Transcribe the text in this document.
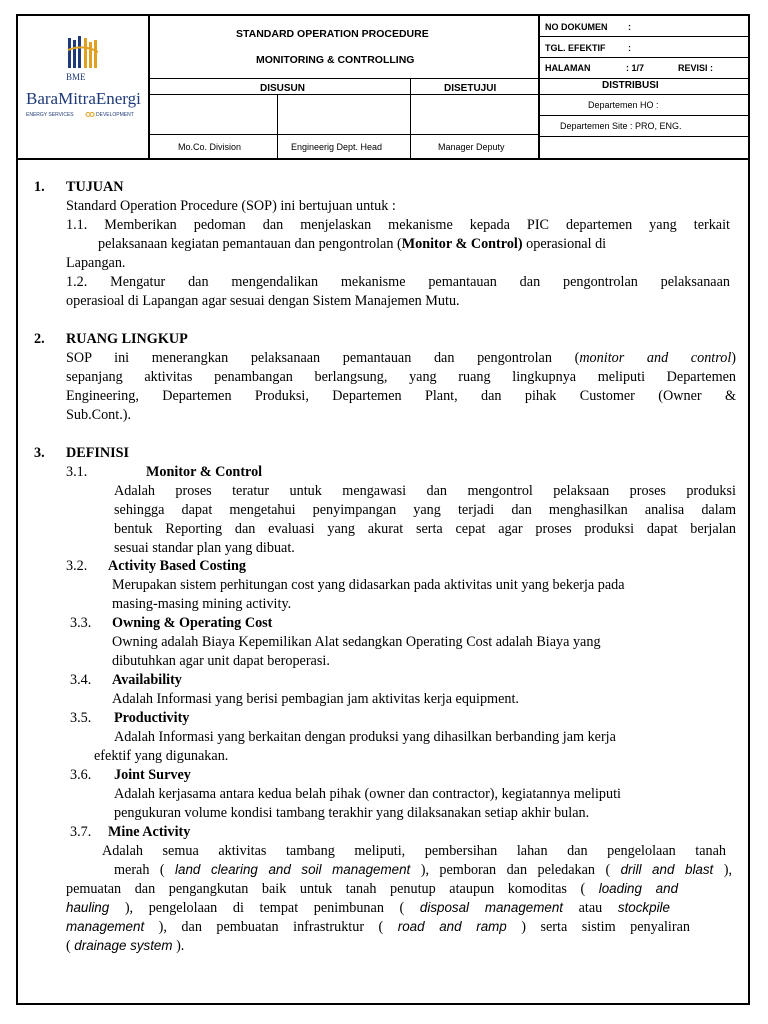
BME
BaraMitraEnergi
ENERGY SERVICES	DEVELOPMENT
STANDARD OPERATION PROCEDURE
MONITORING & CONTROLLING
NO DOKUMEN :
TGL. EFEKTIF	:
HALAMAN	: 1/7	REVISI :
DISUSUN	DISETUJUI	DISTRIBUSI
Departemen HO :
Departemen Site : PRO, ENG.
Mo.Co. Division	Engineerig Dept. Head	Manager Deputy
1. TUJUAN
Standard Operation Procedure (SOP) ini bertujuan untuk :
1.1. Memberikan pedoman dan menjelaskan mekanisme kepada PIC departemen yang terkait
pelaksanaan kegiatan pemantauan dan pengontrolan (Monitor & Control) operasional di
Lapangan.
1.2. Mengatur dan mengendalikan mekanisme pemantauan dan pengontrolan pelaksanaan
operasioal di Lapangan agar sesuai dengan Sistem Manajemen Mutu.
2. RUANG LINGKUP
SOP ini menerangkan pelaksanaan pemantauan dan pengontrolan (monitor and control)
sepanjang aktivitas penambangan berlangsung, yang ruang lingkupnya meliputi Departemen
Engineering, Departemen Produksi, Departemen Plant, dan pihak Customer (Owner &
Sub.Cont.).
3. DEFINISI
3.1.	Monitor & Control
Adalah proses teratur untuk mengawasi dan mengontrol pelaksaan proses produksi
sehingga dapat mengetahui penyimpangan yang terjadi dan menghasilkan analisa dalam
bentuk Reporting dan evaluasi yang akurat serta cepat agar proses produksi dapat berjalan
sesuai standar plan yang dibuat.
3.2. Activity Based Costing
Merupakan sistem perhitungan cost yang didasarkan pada aktivitas unit yang bekerja pada
masing-masing mining activity.
3.3. Owning & Operating Cost
Owning adalah Biaya Kepemilikan Alat sedangkan Operating Cost adalah Biaya yang
dibutuhkan agar unit dapat beroperasi.
3.4. Availability
Adalah Informasi yang berisi pembagian jam aktivitas kerja equipment.
3.5. Productivity
Adalah Informasi yang berkaitan dengan produksi yang dihasilkan berbanding jam kerja
efektif yang digunakan.
3.6. Joint Survey
Adalah kerjasama antara kedua belah pihak (owner dan contractor), kegiatannya meliputi
pengukuran volume kondisi tambang terakhir yang dilaksanakan setiap akhir bulan.
3.7. Mine Activity
Adalah semua aktivitas tambang meliputi, pembersihan lahan dan pengelolaan tanah
merah ( land clearing and soil management ), pemboran dan peledakan ( drill and blast ),
pemuatan dan pengangkutan baik untuk tanah penutup ataupun komoditas ( loading and
hauling ), pengelolaan di tempat penimbunan ( disposal management atau stockpile
management ), dan pembuatan infrastruktur ( road and ramp ) serta sistim penyaliran
( drainage system ).
